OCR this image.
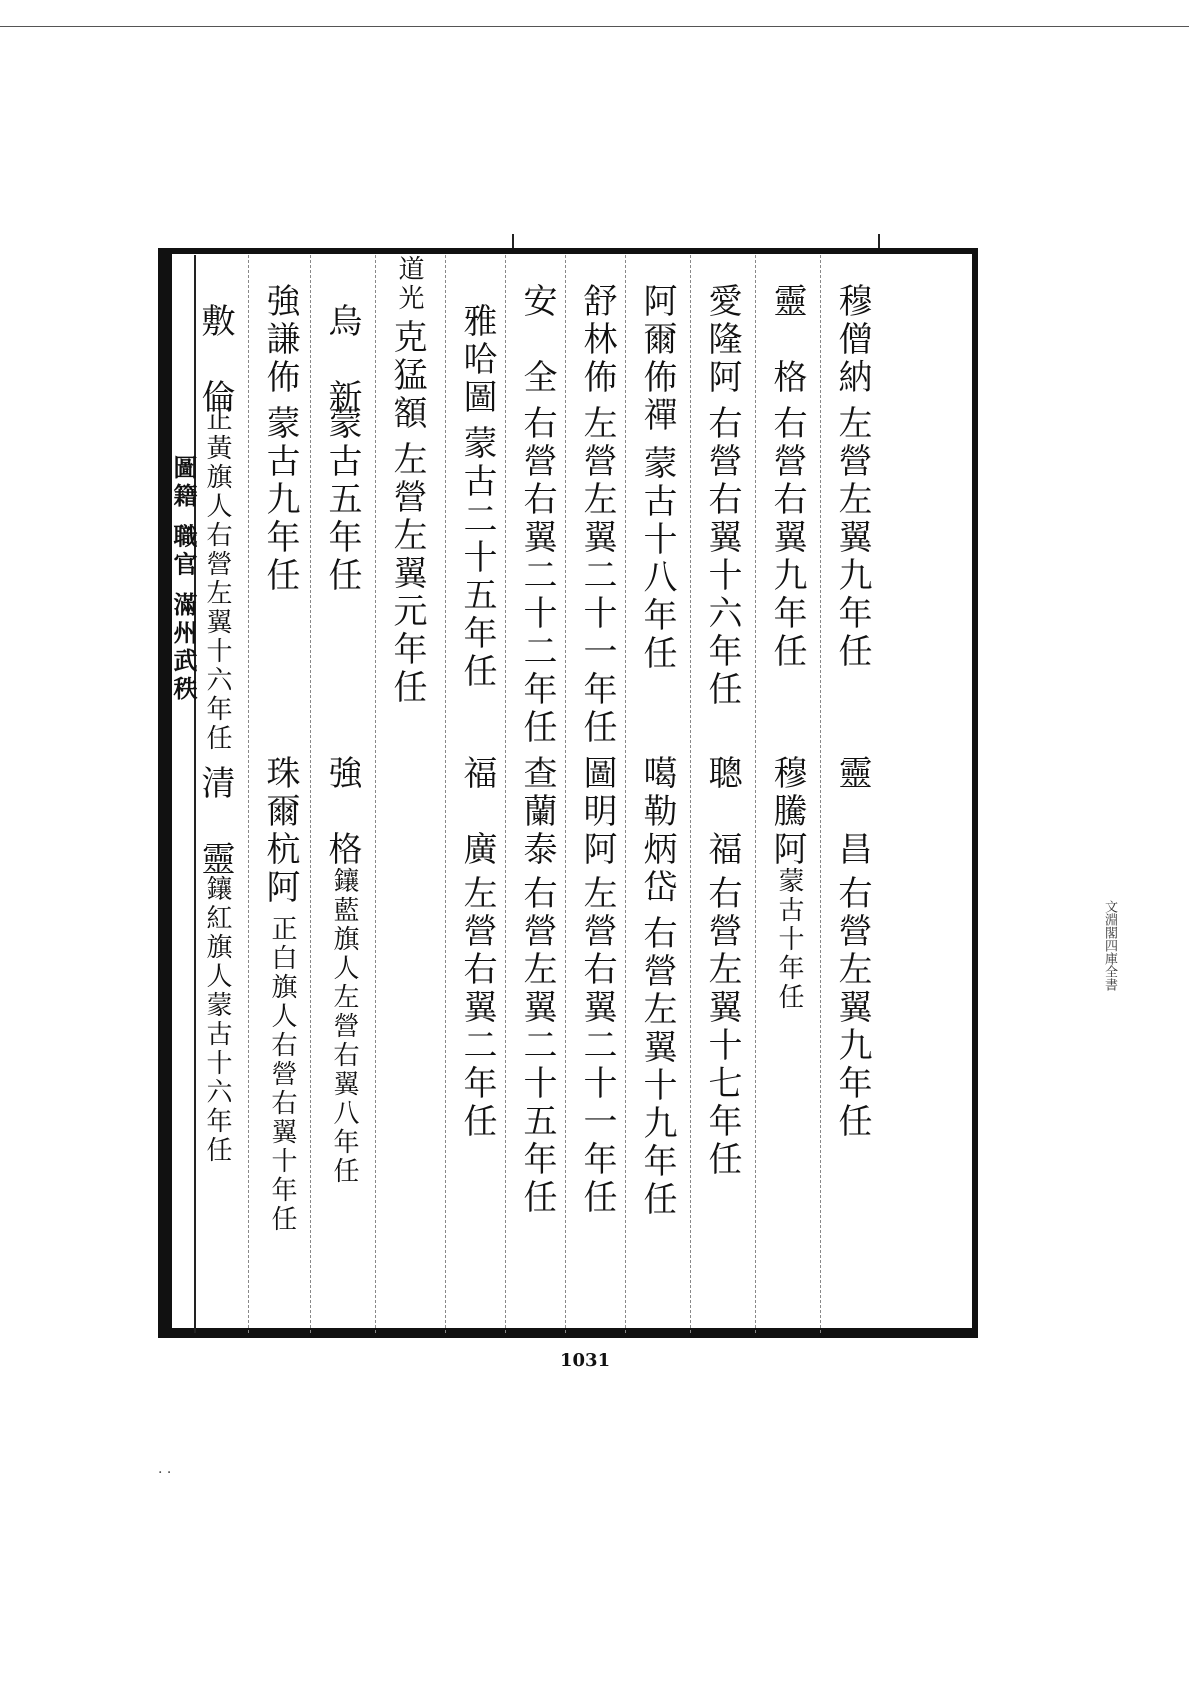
圖籍 職官 滿州武秩
穆僧納
左營左翼九年任
靈　昌
右營左翼九年任
靈　格
右營右翼九年任
穆騰阿
蒙古十年任
愛隆阿
右營右翼十六年任
聰　福
右營左翼十七年任
阿爾佈禪
蒙古十八年任
噶勒炳岱
右營左翼十九年任
舒林佈
左營左翼二十一年任
圖明阿
左營右翼二十一年任
安　全
右營右翼二十二年任
查蘭泰
右營左翼二十五年任
雅哈圖
蒙古二十五年任
福　廣
左營右翼二年任
道光
克猛額
左營左翼元年任
烏　新
蒙古五年任
強　格
鑲藍旗人左營右翼八年任
強謙佈
蒙古九年任
珠爾杭阿
正白旗人右營右翼十年任
敷　倫
正黃旗人右營左翼十六年任
清　靈
鑲紅旗人蒙古十六年任
1031
文淵閣四庫全書
· ·
